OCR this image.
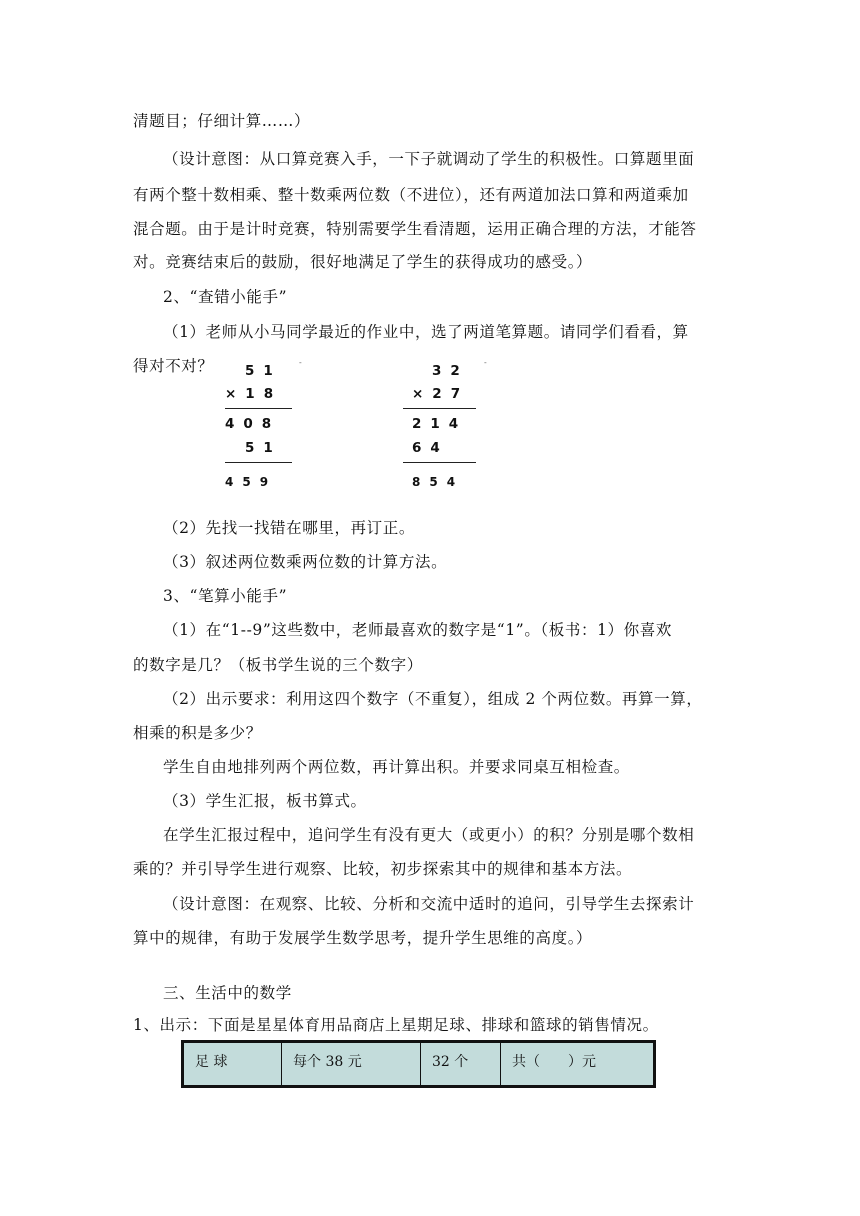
清题目；仔细计算……）
（设计意图：从口算竞赛入手，一下子就调动了学生的积极性。口算题里面
有两个整十数相乘、整十数乘两位数（不进位），还有两道加法口算和两道乘加
混合题。由于是计时竞赛，特别需要学生看清题，运用正确合理的方法，才能答
对。竞赛结束后的鼓励，很好地满足了学生的获得成功的感受。）
2、“查错小能手”
（1）老师从小马同学最近的作业中，选了两道笔算题。请同学们看看，算
得对不对？ 51
×18
408
51
459
-
32
×27
214
64
854
-
（2）先找一找错在哪里，再订正。
（3）叙述两位数乘两位数的计算方法。
3、“笔算小能手”
（1）在“1--9”这些数中，老师最喜欢的数字是“1”。（板书：1）你喜欢
的数字是几？（板书学生说的三个数字）
（2）出示要求：利用这四个数字（不重复），组成 2 个两位数。再算一算，
相乘的积是多少？
学生自由地排列两个两位数，再计算出积。并要求同桌互相检查。
（3）学生汇报，板书算式。
在学生汇报过程中，追问学生有没有更大（或更小）的积？分别是哪个数相
乘的？并引导学生进行观察、比较，初步探索其中的规律和基本方法。
（设计意图：在观察、比较、分析和交流中适时的追问，引导学生去探索计
算中的规律，有助于发展学生数学思考，提升学生思维的高度。）
三、生活中的数学
1、出示：下面是星星体育用品商店上星期足球、排球和篮球的销售情况。
足 球	每个 38 元	32 个	共（　　）元
